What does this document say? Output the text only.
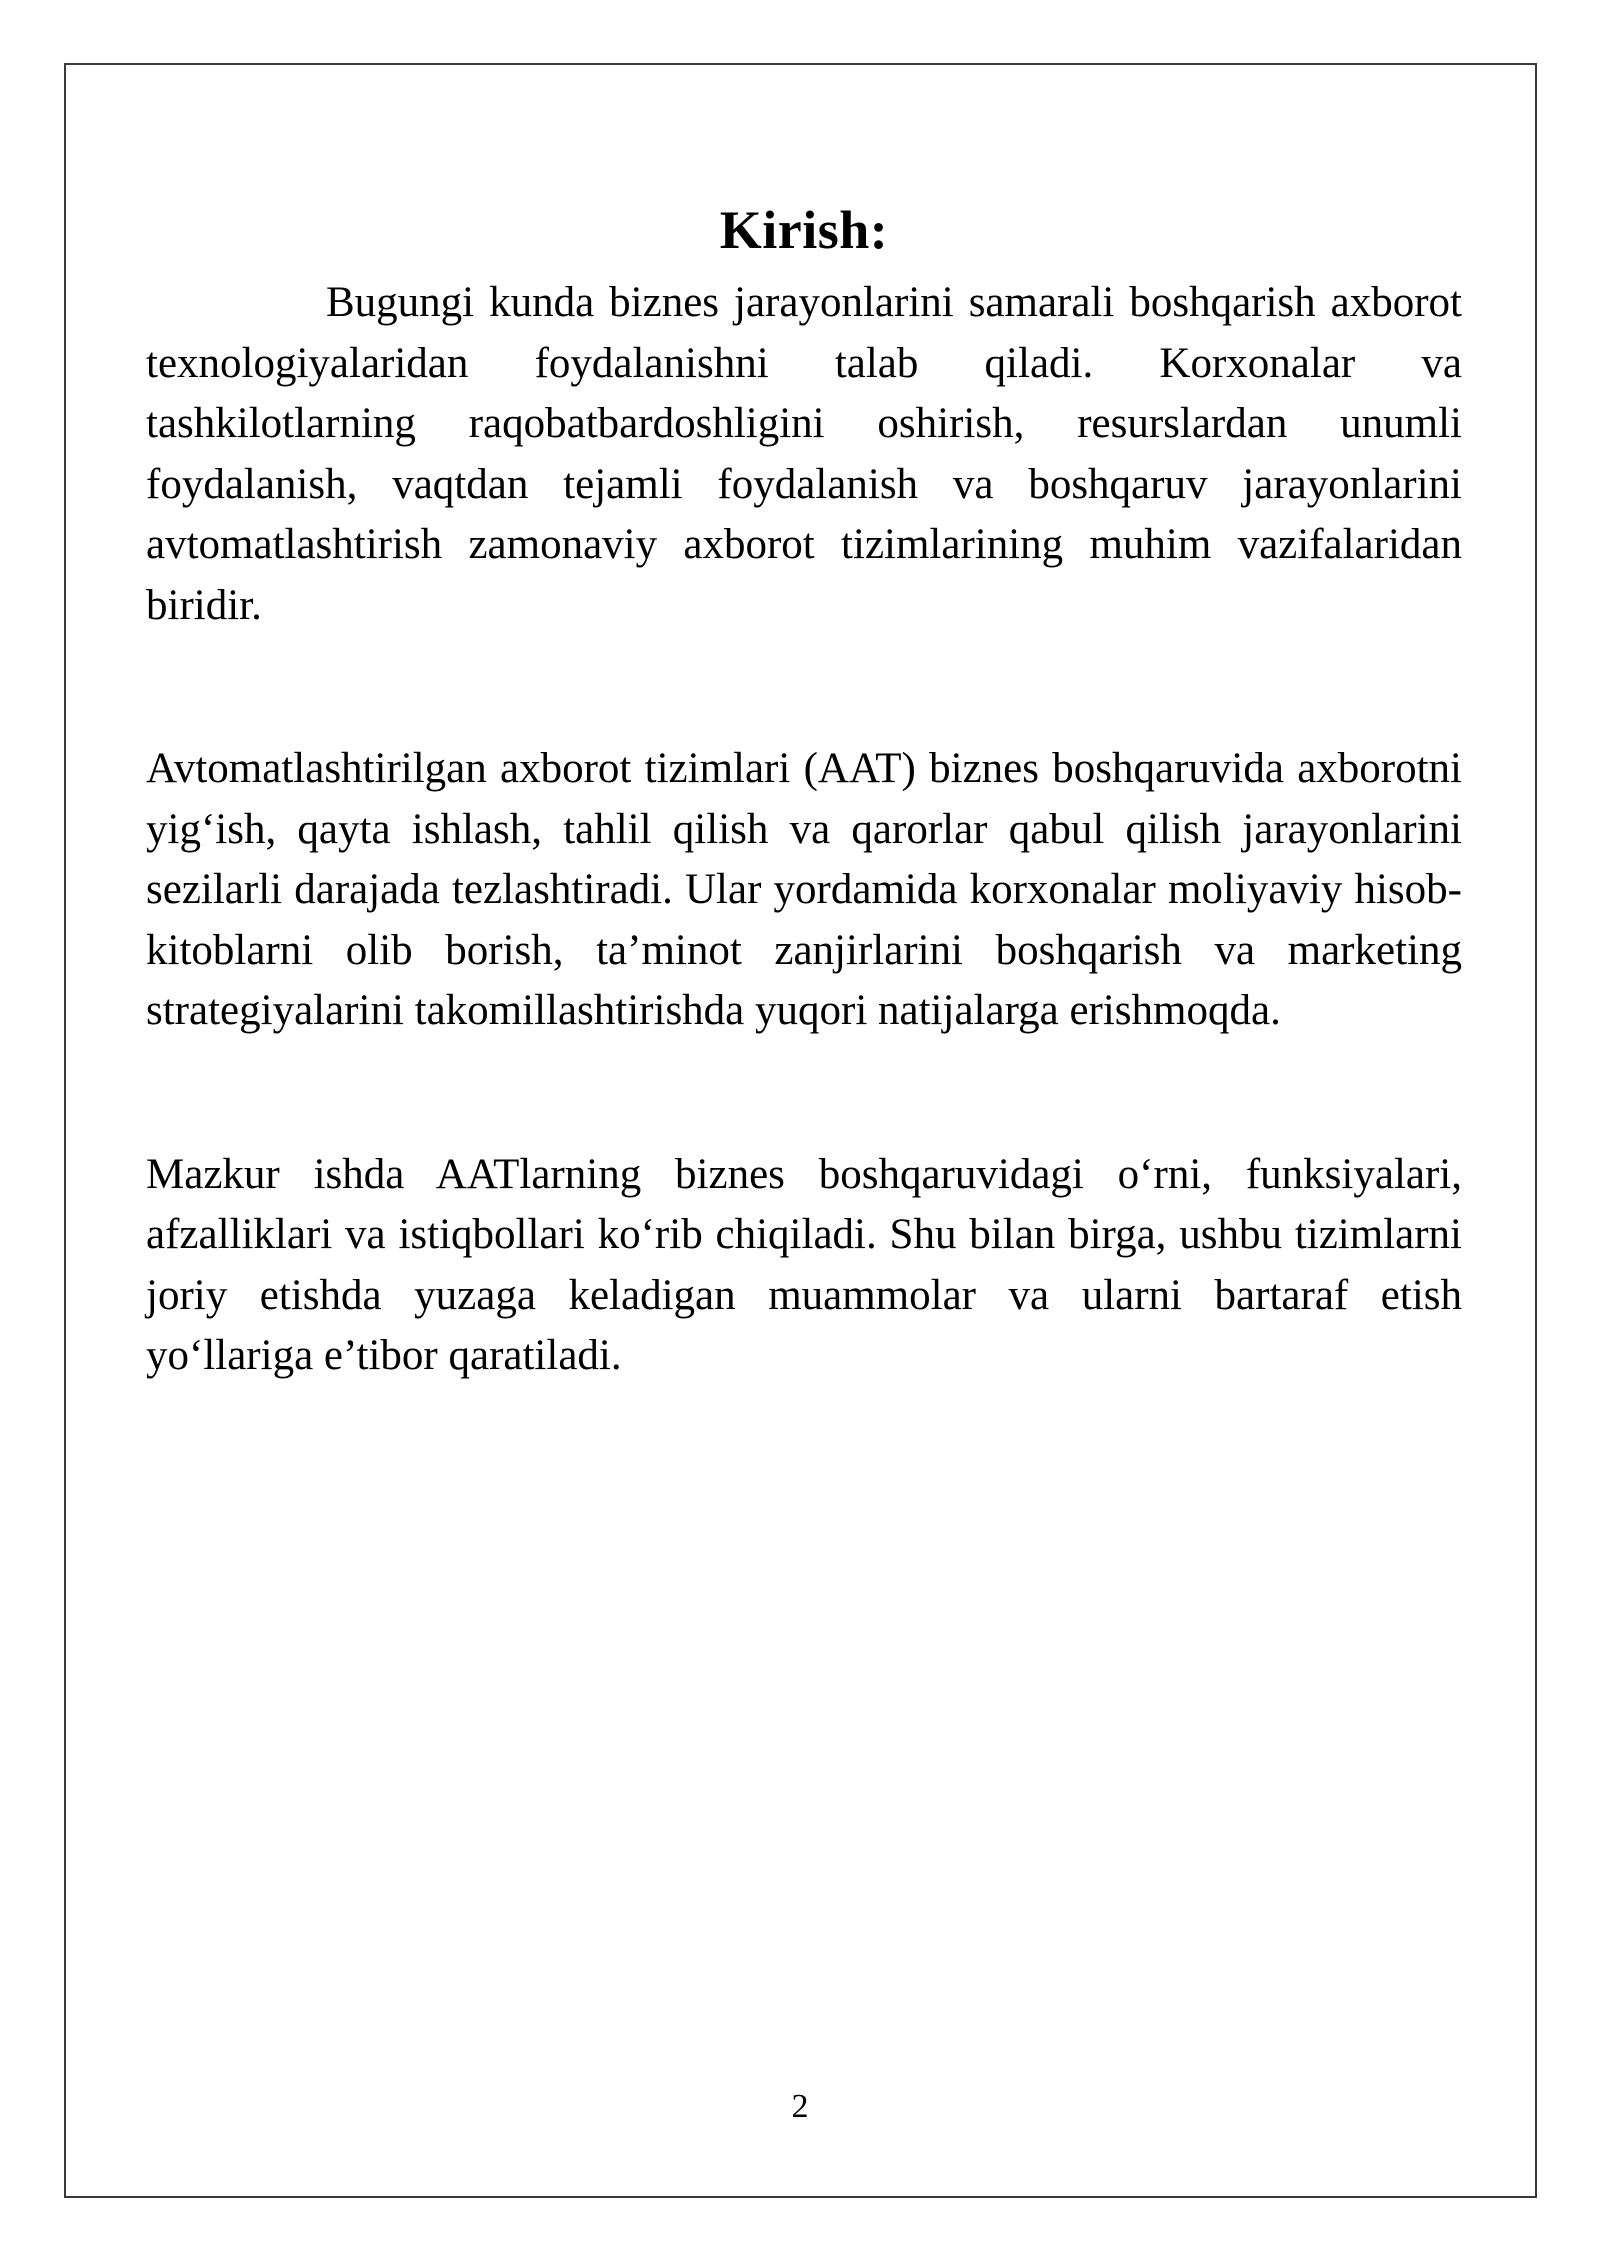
Kirish:

Bugungi kunda biznes jarayonlarini samarali boshqarish axborot texnologiyalaridan foydalanishni talab qiladi. Korxonalar va tashkilotlarning raqobatbardoshligini oshirish, resurslardan unumli foydalanish, vaqtdan tejamli foydalanish va boshqaruv jarayonlarini avtomatlashtirish zamonaviy axborot tizimlarining muhim vazifalaridan biridir.

Avtomatlashtirilgan axborot tizimlari (AAT) biznes boshqaruvida axborotni yig‘ish, qayta ishlash, tahlil qilish va qarorlar qabul qilish jarayonlarini sezilarli darajada tezlashtiradi. Ular yordamida korxonalar moliyaviy hisob-kitoblarni olib borish, ta’minot zanjirlarini boshqarish va marketing strategiyalarini takomillashtirishda yuqori natijalarga erishmoqda.

Mazkur ishda AATlarning biznes boshqaruvidagi o‘rni, funksiyalari, afzalliklari va istiqbollari ko‘rib chiqiladi. Shu bilan birga, ushbu tizimlarni joriy etishda yuzaga keladigan muammolar va ularni bartaraf etish yo‘llariga e’tibor qaratiladi.

2
